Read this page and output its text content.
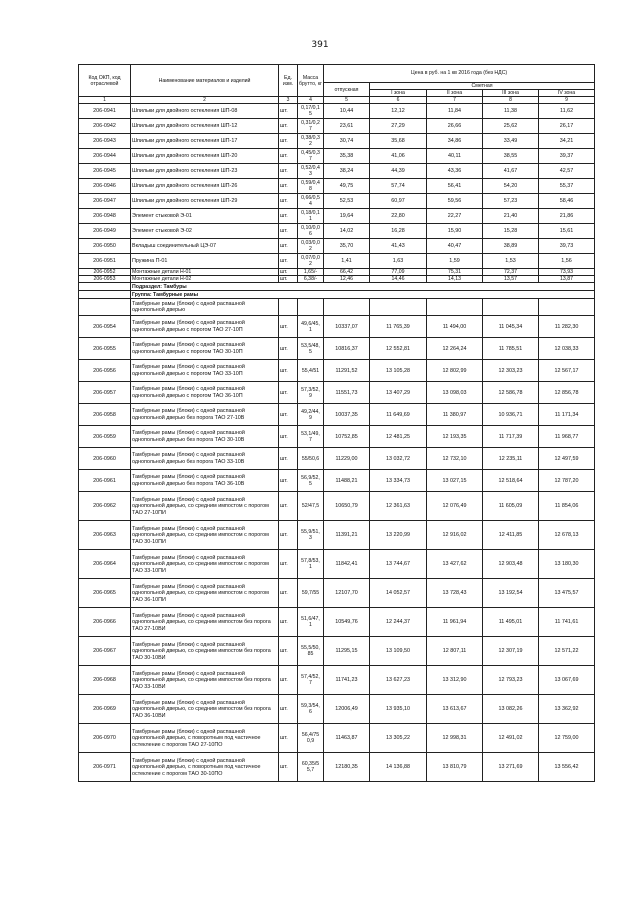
391
Код ОКП, код отраслевой	Наименование материалов и изделий	Ед. изм.	Масса брутто, кг	Цена в руб. на 1 кв 2016 года (без НДС)				
				отпускная	Сметная			
					I зона	II зона	III зона	IV зона
1	2	3	4	5	6	7	8	9
206-0941	Шпильки для двойного остекления ШП-08	шт.	0,17/0,1 5	10,44	12,12	11,84	11,38	11,62
206-0942	Шпильки для двойного остекления ШП-12	шт.	0,31/0,2 7	23,61	27,29	26,66	25,62	26,17
206-0943	Шпильки для двойного остекления ШП-17	шт.	0,38/0,3 2	30,74	35,68	34,86	33,49	34,21
206-0944	Шпильки для двойного остекления ШП-20	шт.	0,45/0,3 7	35,38	41,06	40,11	38,55	39,37
206-0945	Шпильки для двойного остекления ШП-23	шт.	0,52/0,4 3	38,24	44,39	43,36	41,67	42,57
206-0946	Шпильки для двойного остекления ШП-26	шт.	0,59/0,4 8	49,75	57,74	56,41	54,20	55,37
206-0947	Шпильки для двойного остекления ШП-29	шт.	0,66/0,5 4	52,53	60,97	59,56	57,23	58,46
206-0948	Элемент стыковой Э-01	шт.	0,18/0,1 1	19,64	22,80	22,27	21,40	21,86
206-0949	Элемент стыковой Э-02	шт.	0,10/0,0 6	14,02	16,28	15,90	15,28	15,61
206-0950	Вкладыш соединительный ЦЭ-07	шт.	0,03/0,0 2	35,70	41,43	40,47	38,89	39,73
206-0951	Пружина П-01	шт.	0,07/0,0 2	1,41	1,63	1,59	1,53	1,56
206-0952	Монтажные детали Н-01	шт.	1,65/-	66,42	77,09	75,31	72,37	73,93
206-0953	Монтажные детали Н-02	шт.	6,38/-	12,46	14,46	14,13	13,57	13,87
	Подраздел: Тамбуры							
	Группа: Тамбурные рамы							
	Тамбурные рамы (блоки) с одной распашной однопольной дверью							
206-0954	Тамбурные рамы (блоки) с одной распашной однопольной дверью с порогом ТАО 27-10П	шт.	49,6/45, 1	10337,07	11 765,39	11 494,00	11 045,34	11 282,30
206-0955	Тамбурные рамы (блоки) с одной распашной однопольной дверью с порогом ТАО 30-10П	шт.	53,5/48, 5	10816,37	12 552,81	12 264,24	11 785,51	12 038,33
206-0956	Тамбурные рамы (блоки) с одной распашной однопольной дверью с порогом ТАО 33-10П	шт.	55,4/51	11291,52	13 105,28	12 802,99	12 303,23	12 567,17
206-0957	Тамбурные рамы (блоки) с одной распашной однопольной дверью с порогом ТАО 36-10П	шт.	57,3/52, 9	11551,73	13 407,29	13 098,03	12 586,78	12 856,78
206-0958	Тамбурные рамы (блоки) с одной распашной однопольной дверью без порога ТАО 27-10В	шт.	49,2/44, 9	10037,35	11 649,69	11 380,97	10 936,71	11 171,34
206-0959	Тамбурные рамы (блоки) с одной распашной однопольной дверью без порога ТАО 30-10В	шт.	53,1/49, 7	10752,85	12 481,25	12 193,35	11 717,39	11 968,77
206-0960	Тамбурные рамы (блоки) с одной распашной однопольной дверью без порога ТАО 33-10В	шт.	55/50,6	11229,00	13 032,72	12 732,10	12 235,11	12 497,59
206-0961	Тамбурные рамы (блоки) с одной распашной однопольной дверью без порога ТАО 36-10В	шт.	56,9/52, 5	11488,21	13 334,73	13 027,15	12 518,64	12 787,20
206-0962	Тамбурные рамы (блоки) с одной распашной однопольной дверью, со средним импостом с порогом ТАО 27-10ПИ	шт.	52/47,5	10650,79	12 361,63	12 076,49	11 605,09	11 854,06
206-0963	Тамбурные рамы (блоки) с одной распашной однопольной дверью, со средним импостом с порогом ТАО 30-10ПИ	шт.	55,9/51, 3	11391,21	13 220,99	12 916,02	12 411,85	12 678,13
206-0964	Тамбурные рамы (блоки) с одной распашной однопольной дверью, со средним импостом с порогом ТАО 33-10ПИ	шт.	57,8/53, 1	11842,41	13 744,67	13 427,62	12 903,48	13 180,30
206-0965	Тамбурные рамы (блоки) с одной распашной однопольной дверью, со средним импостом с порогом ТАО 36-10ПИ	шт.	59,7/55	12107,70	14 052,57	13 728,43	13 192,54	13 475,57
206-0966	Тамбурные рамы (блоки) с одной распашной однопольной дверью, со средним импостом без порога ТАО 27-10ВИ	шт.	51,6/47, 1	10549,76	12 244,37	11 961,94	11 495,01	11 741,61
206-0967	Тамбурные рамы (блоки) с одной распашной однопольной дверью, со средним импостом без порога ТАО 30-10ВИ	шт.	55,5/50, 85	11295,15	13 109,50	12 807,11	12 307,19	12 571,22
206-0968	Тамбурные рамы (блоки) с одной распашной однопольной дверью, со средним импостом без порога ТАО 33-10ВИ	шт.	57,4/52, 7	11741,23	13 627,23	13 312,90	12 793,23	13 067,69
206-0969	Тамбурные рамы (блоки) с одной распашной однопольной дверью, со средним импостом без порога ТАО 36-10ВИ	шт.	59,3/54, 6	12006,49	13 935,10	13 613,67	13 082,26	13 362,92
206-0970	Тамбурные рамы (блоки) с одной распашной однопольной дверью, с поворотным под частичное остекление с порогом ТАО 27-10ПО	шт.	56,4/75 0,9	11463,87	13 305,22	12 998,31	12 491,02	12 759,00
206-0971	Тамбурные рамы (блоки) с одной распашной однопольной дверью, с поворотным под частичное остекление с порогом ТАО 30-10ПО	шт.	60,35/5 5,7	12180,35	14 136,88	13 810,79	13 271,69	13 556,42
